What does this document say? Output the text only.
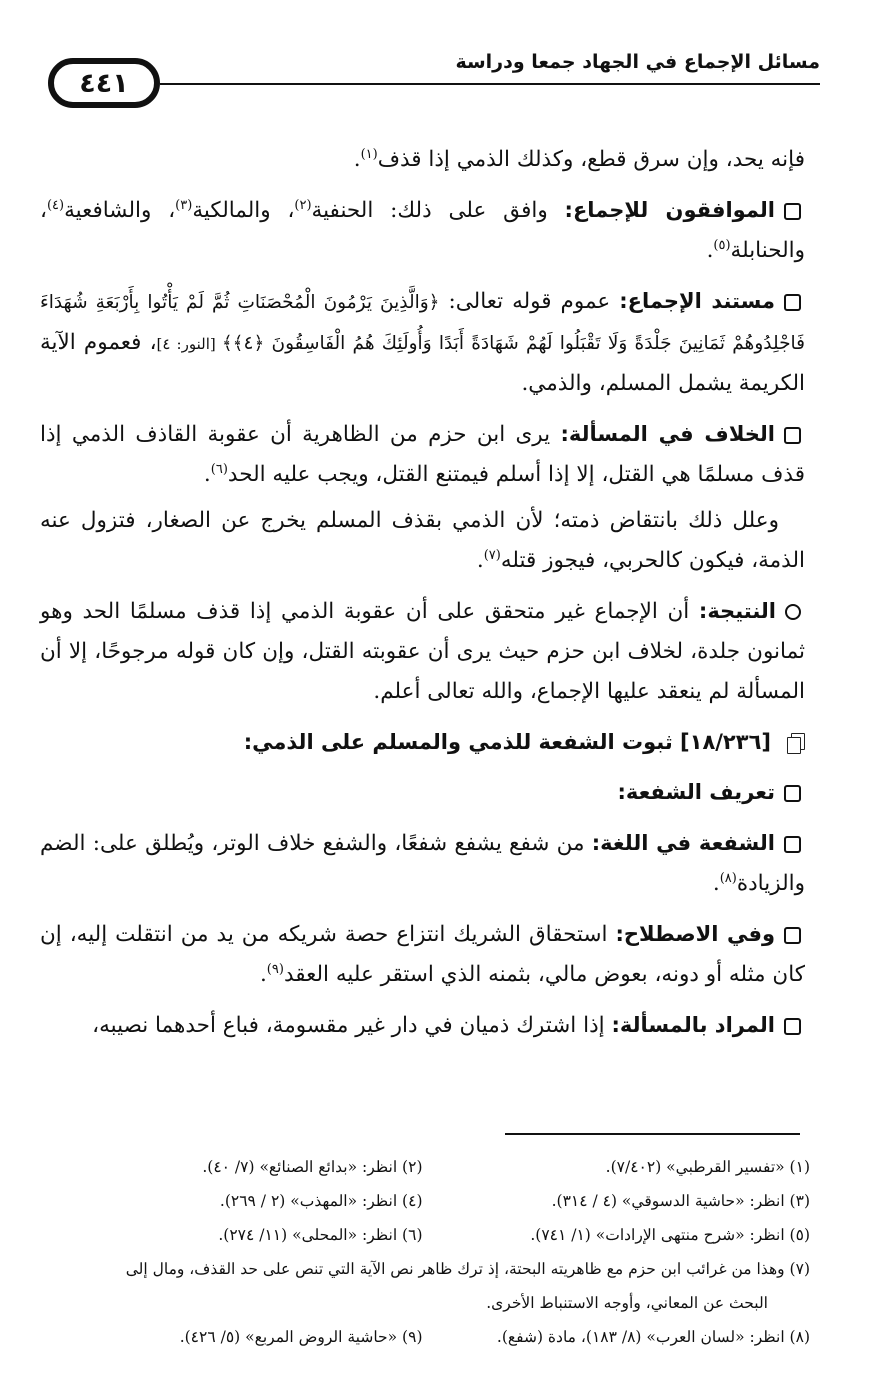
٤٤١
مسائل الإجماع في الجهاد جمعا ودراسة

فإنه يحد، وإن سرق قطع، وكذلك الذمي إذا قذف$^{(١)}$.

الموافقون للإجماع: وافق على ذلك: الحنفية$^{(٢)}$، والمالكية$^{(٣)}$، والشافعية$^{(٤)}$، والحنابلة$^{(٥)}$.

مستند الإجماع: عموم قوله تعالى: ﴿وَالَّذِينَ يَرْمُونَ الْمُحْصَنَاتِ ثُمَّ لَمْ يَأْتُوا بِأَرْبَعَةِ شُهَدَاءَ فَاجْلِدُوهُمْ ثَمَانِينَ جَلْدَةً وَلَا تَقْبَلُوا لَهُمْ شَهَادَةً أَبَدًا وَأُولَئِكَ هُمُ الْفَاسِقُونَ ﴿٤﴾﴾ [النور: ٤]، فعموم الآية الكريمة يشمل المسلم، والذمي.

الخلاف في المسألة: يرى ابن حزم من الظاهرية أن عقوبة القاذف الذمي إذا قذف مسلمًا هي القتل، إلا إذا أسلم فيمتنع القتل، ويجب عليه الحد$^{(٦)}$.

وعلل ذلك بانتقاض ذمته؛ لأن الذمي بقذف المسلم يخرج عن الصغار، فتزول عنه الذمة، فيكون كالحربي، فيجوز قتله$^{(٧)}$.

النتيجة: أن الإجماع غير متحقق على أن عقوبة الذمي إذا قذف مسلمًا الحد وهو ثمانون جلدة، لخلاف ابن حزم حيث يرى أن عقوبته القتل، وإن كان قوله مرجوحًا، إلا أن المسألة لم ينعقد عليها الإجماع، والله تعالى أعلم.

[١٨/٢٣٦] ثبوت الشفعة للذمي والمسلم على الذمي:

تعريف الشفعة:

الشفعة في اللغة: من شفع يشفع شفعًا، والشفع خلاف الوتر، ويُطلق على: الضم والزيادة$^{(٨)}$.

وفي الاصطلاح: استحقاق الشريك انتزاع حصة شريكه من يد من انتقلت إليه، إن كان مثله أو دونه، بعوض مالي، بثمنه الذي استقر عليه العقد$^{(٩)}$.

المراد بالمسألة: إذا اشترك ذميان في دار غير مقسومة، فباع أحدهما نصيبه،

(١) «تفسير القرطبي» (٧/٤٠٢).
(٢) انظر: «بدائع الصنائع» (٧/ ٤٠).
(٣) انظر: «حاشية الدسوقي» (٤ / ٣١٤).
(٤) انظر: «المهذب» (٢ / ٢٦٩).
(٥) انظر: «شرح منتهى الإرادات» (١/ ٧٤١).
(٦) انظر: «المحلى» (١١/ ٢٧٤).
(٧) وهذا من غرائب ابن حزم مع ظاهريته البحتة، إذ ترك ظاهر نص الآية التي تنص على حد القذف، ومال إلى
البحث عن المعاني، وأوجه الاستنباط الأخرى.
(٨) انظر: «لسان العرب» (٨/ ١٨٣)، مادة (شفع).
(٩) «حاشية الروض المربع» (٥/ ٤٢٦).
